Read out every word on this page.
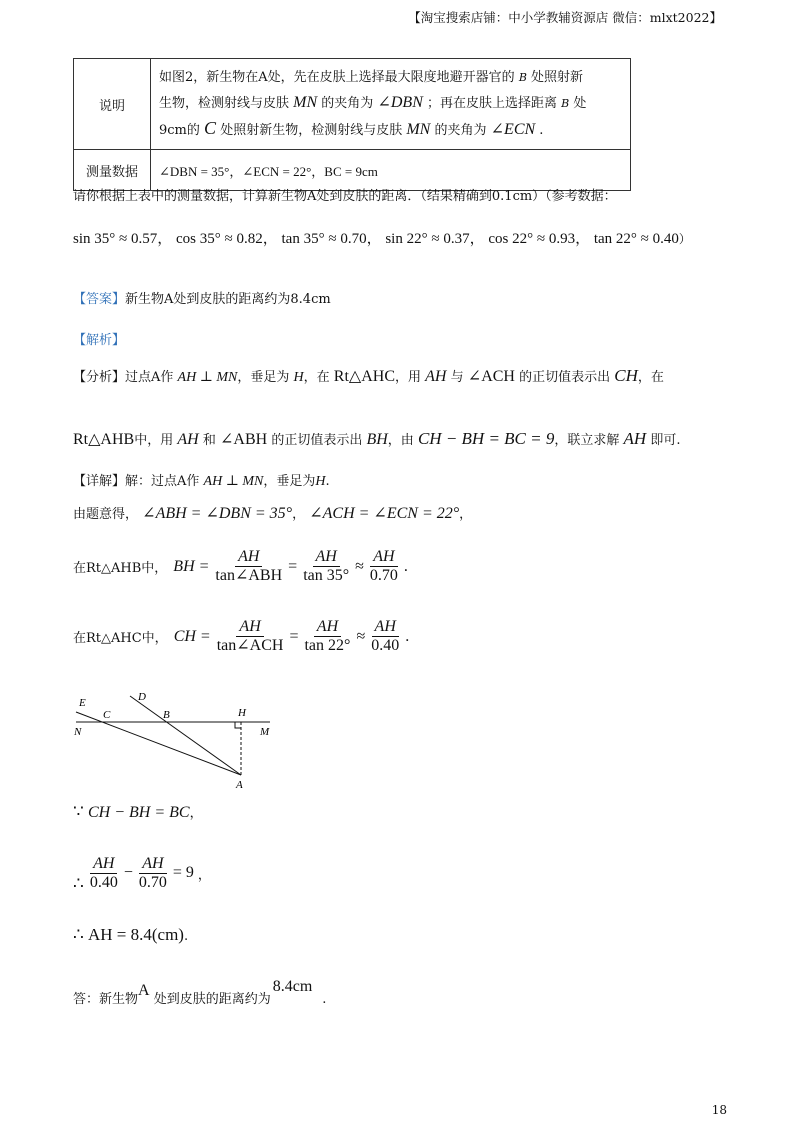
【淘宝搜索店铺：中小学教辅资源店 微信：mlxt2022】
说明	如图2，新生物在A处，先在皮肤上选择最大限度地避开器官的 B 处照射新
生物，检测射线与皮肤 MN 的夹角为 ∠DBN ；再在皮肤上选择距离 B 处
9cm的 C 处照射新生物，检测射线与皮肤 MN 的夹角为 ∠ECN .
测量数据	∠DBN = 35°，∠ECN = 22°，BC = 9cm
请你根据上表中的测量数据，计算新生物A处到皮肤的距离．（结果精确到0.1cm）（参考数据：
sin 35° ≈ 0.57， cos 35° ≈ 0.82， tan 35° ≈ 0.70， sin 22° ≈ 0.37， cos 22° ≈ 0.93， tan 22° ≈ 0.40）
【答案】新生物A处到皮肤的距离约为8.4cm
【解析】
【分析】过点A作 AH ⊥ MN，垂足为 H，在 Rt△AHC，用 AH 与 ∠ACH 的正切值表示出 CH，在
Rt△AHB中，用 AH 和 ∠ABH 的正切值表示出 BH，由 CH − BH = BC = 9，联立求解 AH 即可.
【详解】解：过点A作 AH ⊥ MN，垂足为H.
由题意得， ∠ABH = ∠DBN = 35°， ∠ACH = ∠ECN = 22°，
在Rt△AHB中， BH = $\frac{AH}{\text{tan∠ABH}} = \frac{AH}{\tan 35^\circ} \approx \frac{AH}{0.70}$ .
在Rt△AHC中， CH = $\frac{AH}{\text{tan∠ACH}} = \frac{AH}{\tan 22^\circ} \approx \frac{AH}{0.40}$ .
E
C	B
D
H
N	M
A
∵ CH − BH = BC，
∴ $\frac{AH}{0.40} - \frac{AH}{0.70} = 9$ ，
∴ AH = 8.4(cm).
答：新生物A 处到皮肤的距离约为8.4cm.
18
